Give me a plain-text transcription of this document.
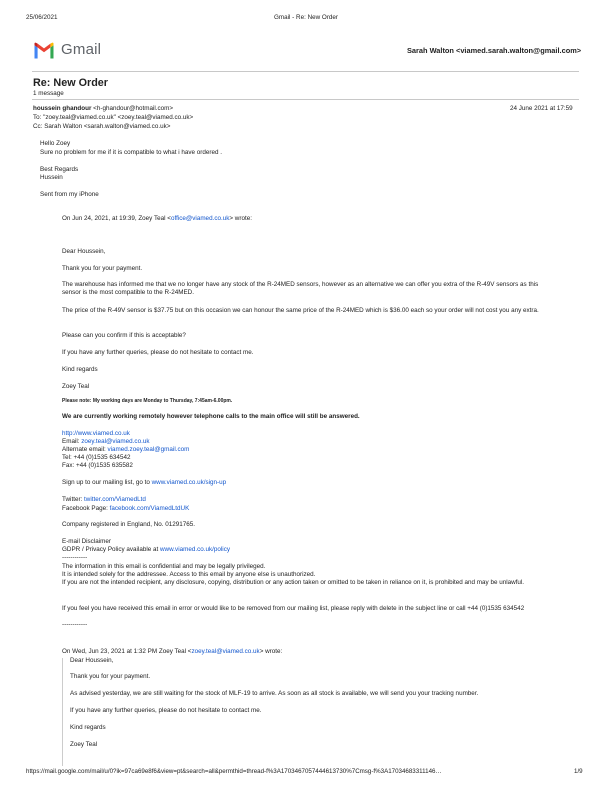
25/06/2021	Gmail - Re: New Order
Gmail	Sarah Walton <viamed.sarah.walton@gmail.com>
Re: New Order
1 message
houssein ghandour <h-ghandour@hotmail.com>	24 June 2021 at 17:59
To: "zoey.teal@viamed.co.uk" <zoey.teal@viamed.co.uk>
Cc: Sarah Walton <sarah.walton@viamed.co.uk>
Hello Zoey
Sure no problem for me if it is compatible to what i have ordered .
Best Regards
Hussein
Sent from my iPhone
On Jun 24, 2021, at 19:39, Zoey Teal <office@viamed.co.uk> wrote:
Dear Houssein,
Thank you for your payment.
The warehouse has informed me that we no longer have any stock of the R-24MED sensors, however as an alternative we can offer you extra of the R-49V sensors as this sensor is the most compatible to the R-24MED.
The price of the R-49V sensor is $37.75 but on this occasion we can honour the same price of the R-24MED which is $36.00 each so your order will not cost you any extra.
Please can you confirm if this is acceptable?
If you have any further queries, please do not hesitate to contact me.
Kind regards
Zoey Teal
Please note: My working days are Monday to Thursday, 7:45am-6.00pm.
We are currently working remotely however telephone calls to the main office will still be answered.
http://www.viamed.co.uk
Email: zoey.teal@viamed.co.uk
Alternate email: viamed.zoey.teal@gmail.com
Tel: +44 (0)1535 634542
Fax: +44 (0)1535 635582
Sign up to our mailing list, go to www.viamed.co.uk/sign-up
Twitter: twitter.com/ViamedLtd
Facebook Page: facebook.com/ViamedLtdUK
Company registered in England, No. 01291765.
E-mail Disclaimer
GDPR / Privacy Policy available at www.viamed.co.uk/policy
------------
The information in this email is confidential and may be legally privileged.
It is intended solely for the addressee. Access to this email by anyone else is unauthorized.
If you are not the intended recipient, any disclosure, copying, distribution or any action taken or omitted to be taken in reliance on it, is prohibited and may be unlawful.
If you feel you have received this email in error or would like to be removed from our mailing list, please reply with delete in the subject line or call +44 (0)1535 634542
------------
On Wed, Jun 23, 2021 at 1:32 PM Zoey Teal <zoey.teal@viamed.co.uk> wrote:
Dear Houssein,
Thank you for your payment.
As advised yesterday, we are still waiting for the stock of MLF-19 to arrive. As soon as all stock is available, we will send you your tracking number.
If you have any further queries, please do not hesitate to contact me.
Kind regards
Zoey Teal
https://mail.google.com/mail/u/0?ik=97ca69e8f6&view=pt&search=all&permthid=thread-f%3A1703467057444613730%7Cmsg-f%3A17034683311146…	1/9
